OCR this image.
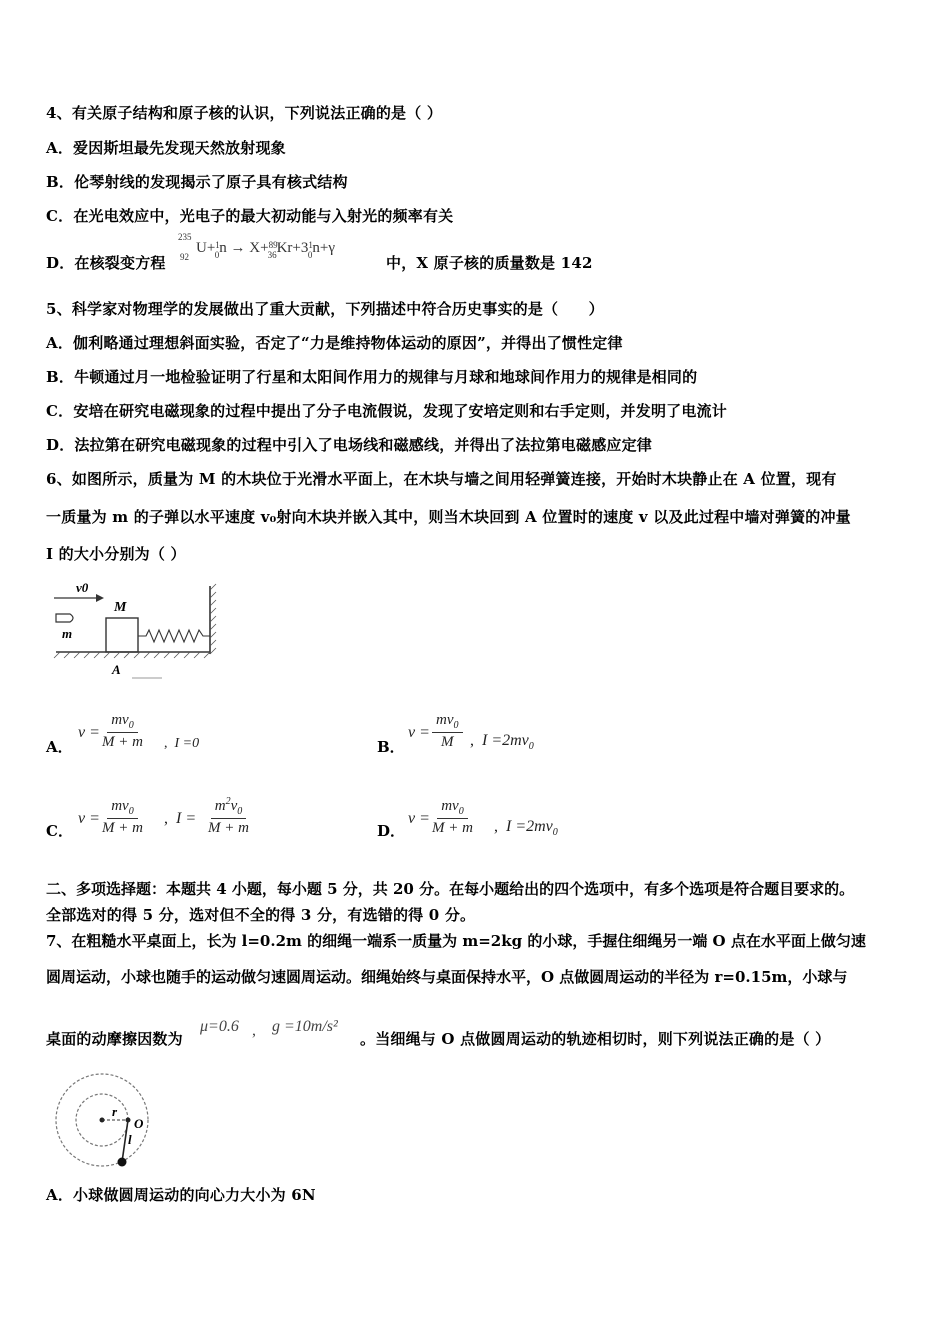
4、有关原子结构和原子核的认识，下列说法正确的是（ ）
A．爱因斯坦最先发现天然放射现象
B．伦琴射线的发现揭示了原子具有核式结构
C．在光电效应中，光电子的最大初动能与入射光的频率有关
D．在核裂变方程
235
92
$U+^1_0n \to X+^{89}_{36}Kr+3^1_0n+\gamma$
中，X 原子核的质量数是 142
5、科学家对物理学的发展做出了重大贡献，下列描述中符合历史事实的是（　　）
A．伽利略通过理想斜面实验，否定了“力是维持物体运动的原因”，并得出了惯性定律
B．牛顿通过月一地检验证明了行星和太阳间作用力的规律与月球和地球间作用力的规律是相同的
C．安培在研究电磁现象的过程中提出了分子电流假说，发现了安培定则和右手定则，并发明了电流计
D．法拉第在研究电磁现象的过程中引入了电场线和磁感线，并得出了法拉第电磁感应定律
6、如图所示，质量为 M 的木块位于光滑水平面上，在木块与墙之间用轻弹簧连接，开始时木块静止在 A 位置，现有
一质量为 m 的子弹以水平速度 v₀射向木块并嵌入其中，则当木块回到 A 位置时的速度 v 以及此过程中墙对弹簧的冲量
I 的大小分别为（ ）
v0
m
M
A
A．
$v = \frac{mv_0}{M + m}$ ,  I =0	B．
$v = \frac{mv_0}{M}$ ,  $I =2mv_0$
C．
$v = \frac{mv_0}{M + m}$ ,  $I = \frac{m^2v_0}{M + m}$	D．
$v = \frac{mv_0}{M + m}$ ,  $I =2mv_0$
二、多项选择题：本题共 4 小题，每小题 5 分，共 20 分。在每小题给出的四个选项中，有多个选项是符合题目要求的。
全部选对的得 5 分，选对但不全的得 3 分，有选错的得 0 分。
7、在粗糙水平桌面上，长为 l=0.2m 的细绳一端系一质量为 m=2kg 的小球，手握住细绳另一端 O 点在水平面上做匀速
圆周运动，小球也随手的运动做匀速圆周运动。细绳始终与桌面保持水平，O 点做圆周运动的半径为 r=0.15m，小球与
桌面的动摩擦因数为
μ=0.6 , g =10m/s²
。当细绳与 O 点做圆周运动的轨迹相切时，则下列说法正确的是（ ）
r
O
l
A．小球做圆周运动的向心力大小为 6N
